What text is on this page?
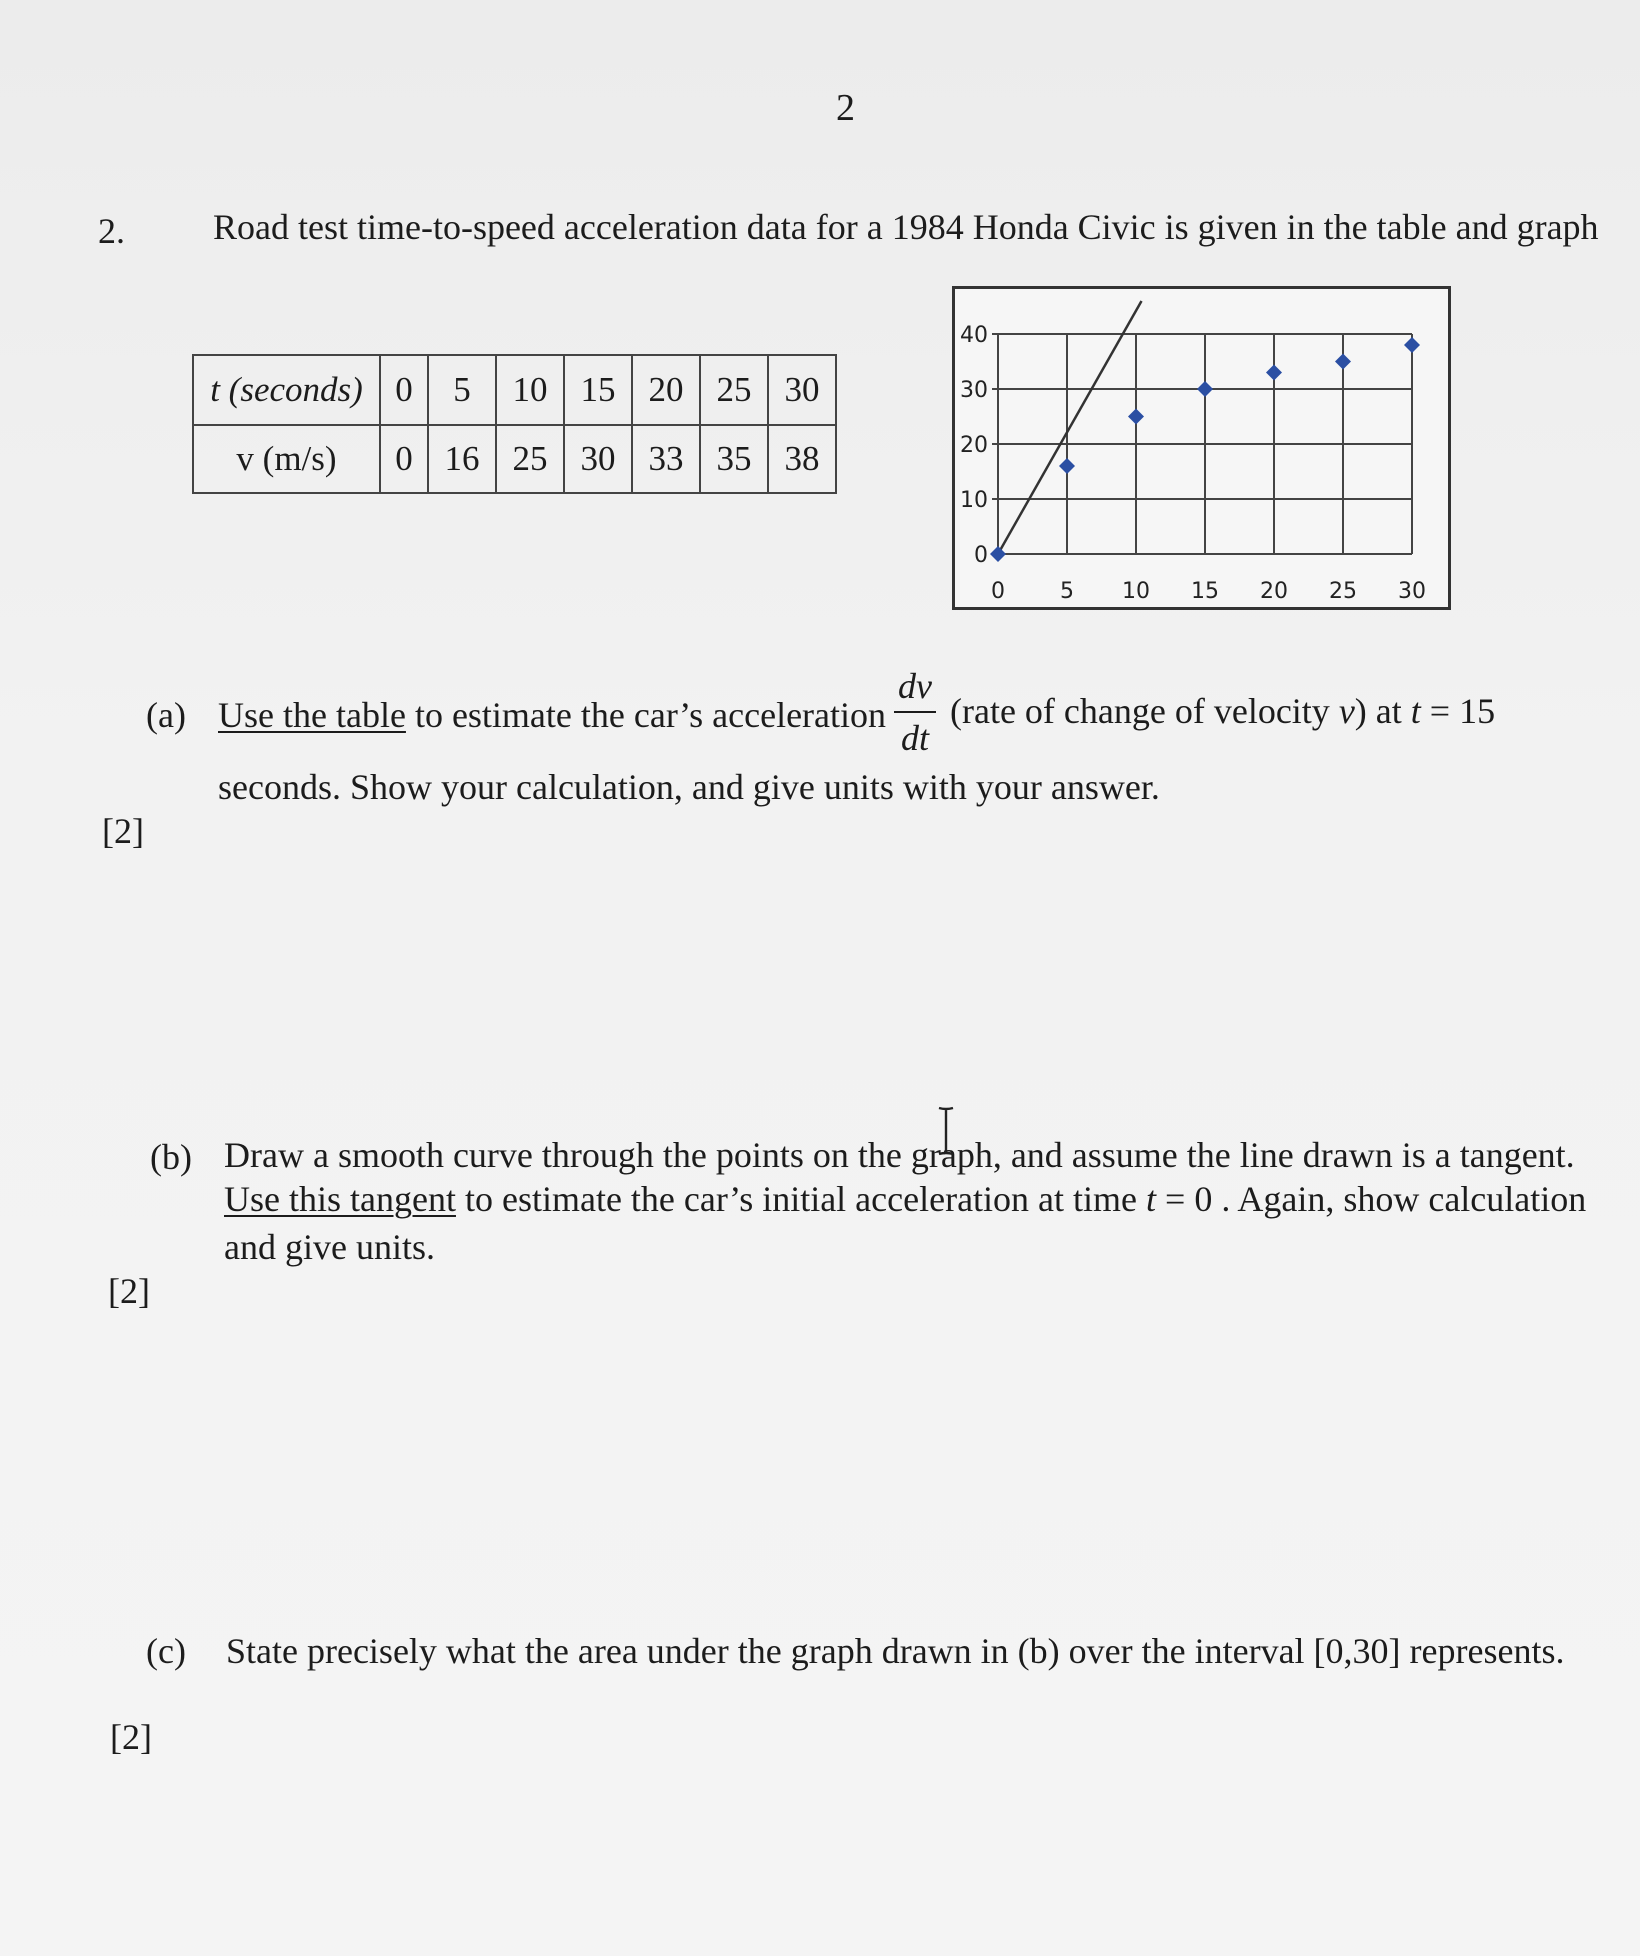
2
2. Road test time-to-speed acceleration data for a 1984 Honda Civic is given in the table and graph
t (seconds)	0	5	10	15	20	25	30
v (m/s)	0	16	25	30	33	35	38
0	5 10 15 20 25 30
0
10
20
30
40
(a) Use the table to estimate the car’s acceleration
dv
dt
(rate of change of velocity v) at t = 15
seconds. Show your calculation, and give units with your answer.
[2]
(b) Draw a smooth curve through the points on the graph, and assume the line drawn is a tangent.
Use this tangent to estimate the car’s initial acceleration at time t = 0 . Again, show calculation
and give units.
[2]
(c) State precisely what the area under the graph drawn in (b) over the interval [0,30] represents.
[2]
